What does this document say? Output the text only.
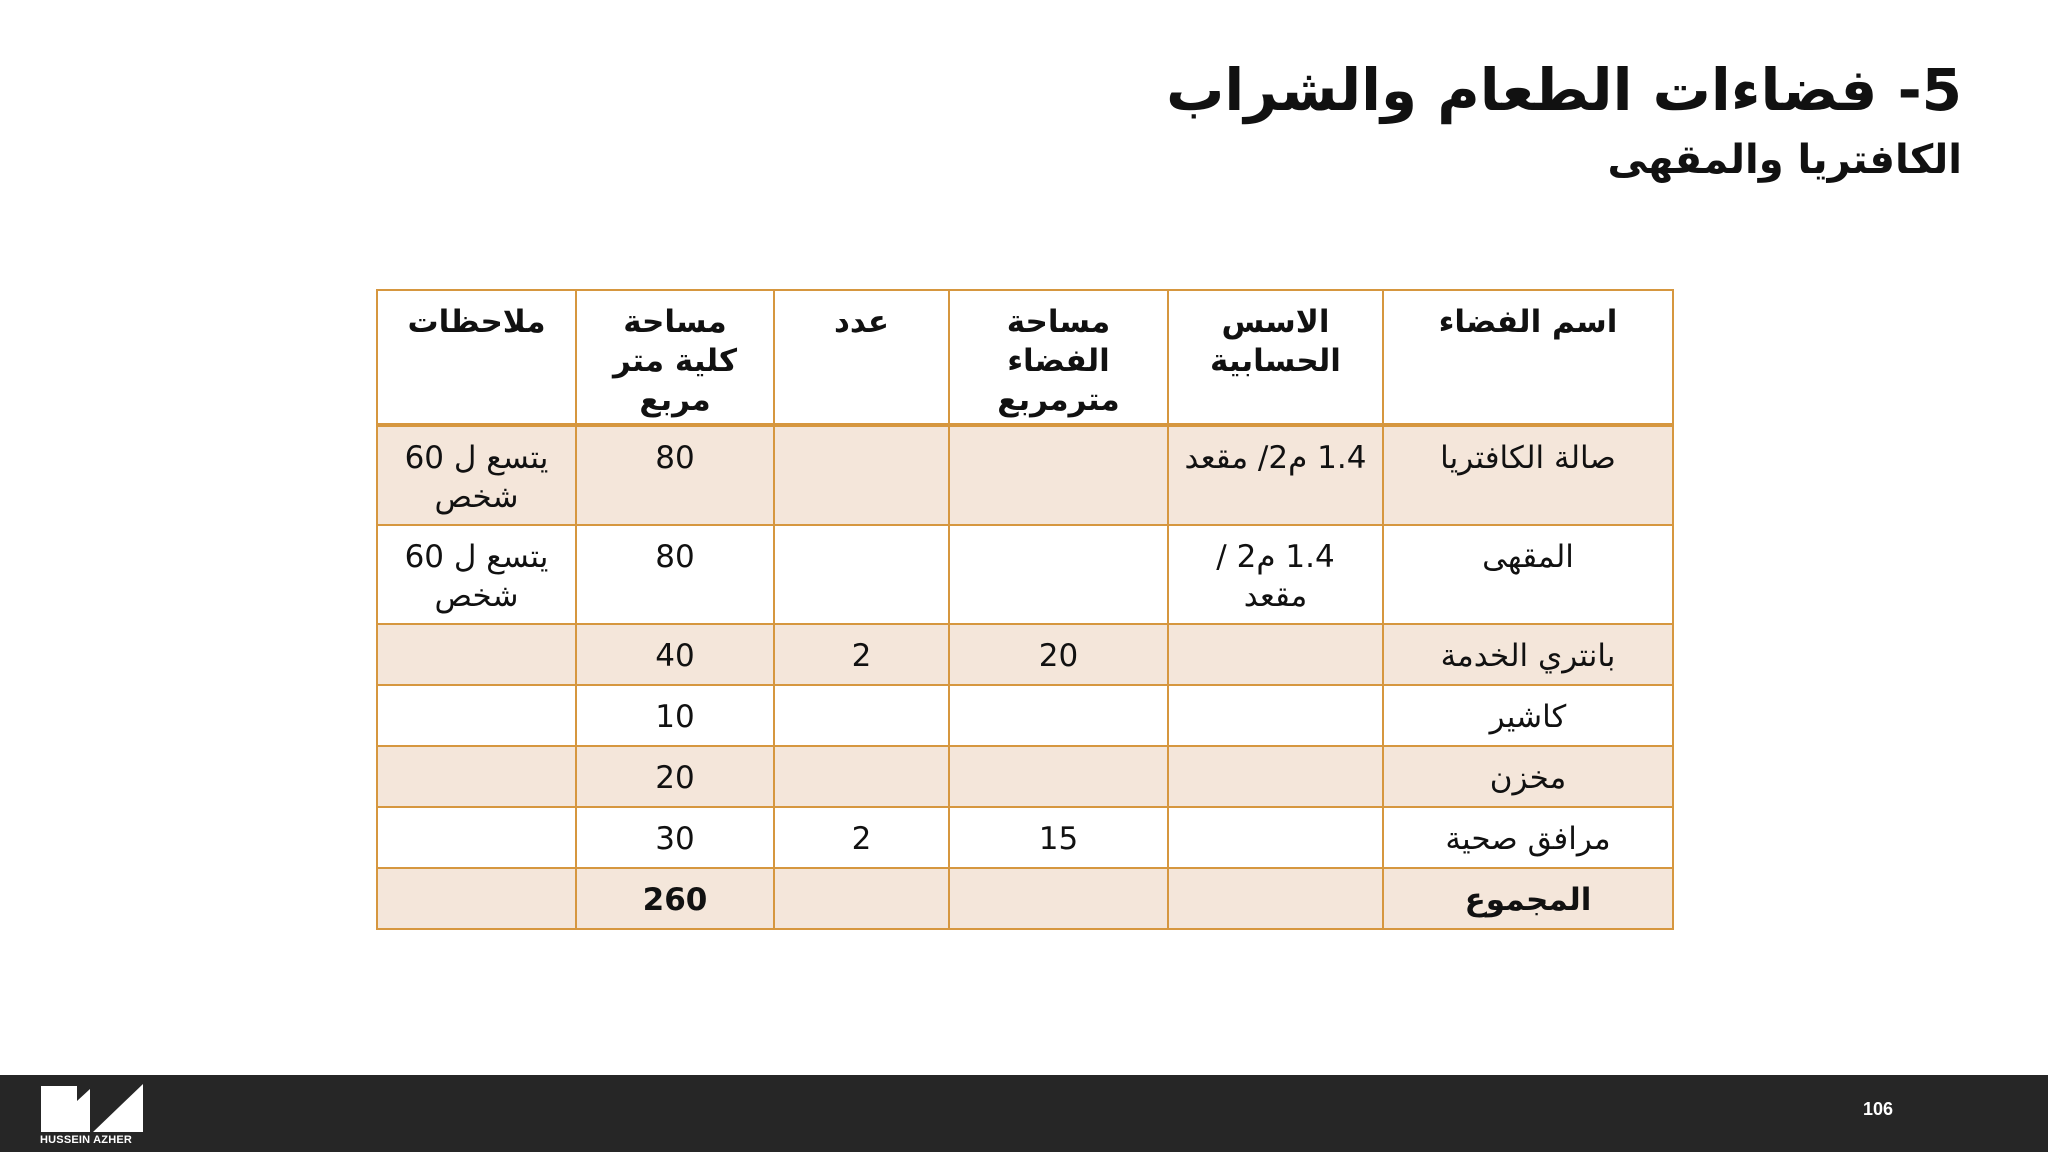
5- فضاءات الطعام والشراب
الكافتريا والمقهى
اسم الفضاء	الاسس الحسابية	مساحة الفضاء مترمربع	عدد	مساحة كلية متر مربع	ملاحظات
صالة الكافتريا	1.4 م2/ مقعد			80	يتسع ل 60 شخص
المقهى	1.4 م2 / مقعد			80	يتسع ل 60 شخص
بانتري الخدمة		20	2	40	
كاشير				10	
مخزن				20	
مرافق صحية		15	2	30	
المجموع				260	
HUSSEIN AZHER
106
